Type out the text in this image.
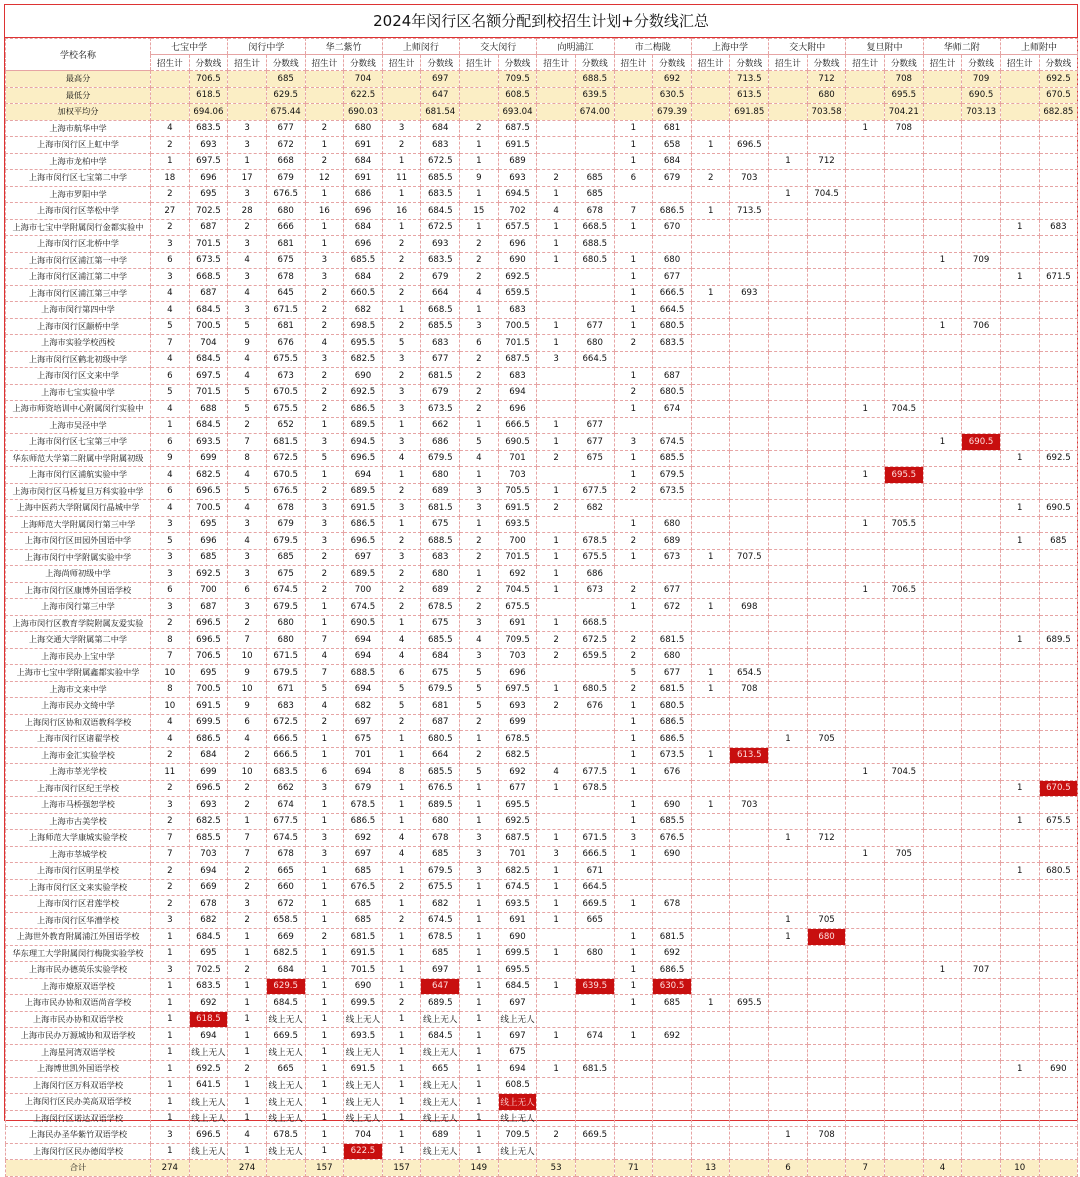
2024年闵行区名额分配到校招生计划+分数线汇总
学校名称	七宝中学		闵行中学		华二紫竹		上师闵行		交大闵行		向明浦江		市二梅陇		上海中学		交大附中		复旦附中		华师二附		上师附中	
	招生计	分数线	招生计	分数线	招生计	分数线	招生计	分数线	招生计	分数线	招生计	分数线	招生计	分数线	招生计	分数线	招生计	分数线	招生计	分数线	招生计	分数线	招生计	分数线
最高分		706.5		685		704		697		709.5		688.5		692		713.5		712		708		709		692.5
最低分		618.5		629.5		622.5		647		608.5		639.5		630.5		613.5		680		695.5		690.5		670.5
加权平均分		694.06		675.44		690.03		681.54		693.04		674.00		679.39		691.85		703.58		704.21		703.13		682.85
上海市航华中学	4	683.5	3	677	2	680	3	684	2	687.5			1	681					1	708				
上海市闵行区上虹中学	2	693	3	672	1	691	2	683	1	691.5			1	658	1	696.5								
上海市龙柏中学	1	697.5	1	668	2	684	1	672.5	1	689			1	684			1	712						
上海市闵行区七宝第二中学	18	696	17	679	12	691	11	685.5	9	693	2	685	6	679	2	703								
上海市罗阳中学	2	695	3	676.5	1	686	1	683.5	1	694.5	1	685					1	704.5						
上海市闵行区莘松中学	27	702.5	28	680	16	696	16	684.5	15	702	4	678	7	686.5	1	713.5								
上海市七宝中学附属闵行金都实验中	2	687	2	666	1	684	1	672.5	1	657.5	1	668.5	1	670									1	683
上海市闵行区北桥中学	3	701.5	3	681	1	696	2	693	2	696	1	688.5												
上海市闵行区浦江第一中学	6	673.5	4	675	3	685.5	2	683.5	2	690	1	680.5	1	680							1	709		
上海市闵行区浦江第二中学	3	668.5	3	678	3	684	2	679	2	692.5			1	677									1	671.5
上海市闵行区浦江第三中学	4	687	4	645	2	660.5	2	664	4	659.5			1	666.5	1	693								
上海市闵行第四中学	4	684.5	3	671.5	2	682	1	668.5	1	683			1	664.5										
上海市闵行区颛桥中学	5	700.5	5	681	2	698.5	2	685.5	3	700.5	1	677	1	680.5							1	706		
上海市实验学校西校	7	704	9	676	4	695.5	5	683	6	701.5	1	680	2	683.5										
上海市闵行区鹤北初级中学	4	684.5	4	675.5	3	682.5	3	677	2	687.5	3	664.5												
上海市闵行区文来中学	6	697.5	4	673	2	690	2	681.5	2	683			1	687										
上海市七宝实验中学	5	701.5	5	670.5	2	692.5	3	679	2	694			2	680.5										
上海市师资培训中心附属闵行实验中	4	688	5	675.5	2	686.5	3	673.5	2	696			1	674					1	704.5				
上海市吴泾中学	1	684.5	2	652	1	689.5	1	662	1	666.5	1	677												
上海市闵行区七宝第三中学	6	693.5	7	681.5	3	694.5	3	686	5	690.5	1	677	3	674.5							1	690.5		
华东师范大学第二附属中学附属初级	9	699	8	672.5	5	696.5	4	679.5	4	701	2	675	1	685.5									1	692.5
上海市闵行区浦航实验中学	4	682.5	4	670.5	1	694	1	680	1	703			1	679.5					1	695.5				
上海市闵行区马桥复旦万科实验中学	6	696.5	5	676.5	2	689.5	2	689	3	705.5	1	677.5	2	673.5										
上海中医药大学附属闵行晶城中学	4	700.5	4	678	3	691.5	3	681.5	3	691.5	2	682											1	690.5
上海师范大学附属闵行第三中学	3	695	3	679	3	686.5	1	675	1	693.5			1	680					1	705.5				
上海市闵行区田园外国语中学	5	696	4	679.5	3	696.5	2	688.5	2	700	1	678.5	2	689									1	685
上海市闵行中学附属实验中学	3	685	3	685	2	697	3	683	2	701.5	1	675.5	1	673	1	707.5								
上海尚师初级中学	3	692.5	3	675	2	689.5	2	680	1	692	1	686												
上海市闵行区康博外国语学校	6	700	6	674.5	2	700	2	689	2	704.5	1	673	2	677					1	706.5				
上海市闵行第三中学	3	687	3	679.5	1	674.5	2	678.5	2	675.5			1	672	1	698								
上海市闵行区教育学院附属友爱实验	2	696.5	2	680	1	690.5	1	675	3	691	1	668.5												
上海交通大学附属第二中学	8	696.5	7	680	7	694	4	685.5	4	709.5	2	672.5	2	681.5									1	689.5
上海市民办上宝中学	7	706.5	10	671.5	4	694	4	684	3	703	2	659.5	2	680										
上海市七宝中学附属鑫都实验中学	10	695	9	679.5	7	688.5	6	675	5	696			5	677	1	654.5								
上海市文来中学	8	700.5	10	671	5	694	5	679.5	5	697.5	1	680.5	2	681.5	1	708								
上海市民办文绮中学	10	691.5	9	683	4	682	5	681	5	693	2	676	1	680.5										
上海闵行区协和双语教科学校	4	699.5	6	672.5	2	697	2	687	2	699			1	686.5										
上海市闵行区诸翟学校	4	686.5	4	666.5	1	675	1	680.5	1	678.5			1	686.5			1	705						
上海市金汇实验学校	2	684	2	666.5	1	701	1	664	2	682.5			1	673.5	1	613.5								
上海市莘光学校	11	699	10	683.5	6	694	8	685.5	5	692	4	677.5	1	676					1	704.5				
上海市闵行区纪王学校	2	696.5	2	662	3	679	1	676.5	1	677	1	678.5											1	670.5
上海市马桥强恕学校	3	693	2	674	1	678.5	1	689.5	1	695.5			1	690	1	703								
上海市古美学校	2	682.5	1	677.5	1	686.5	1	680	1	692.5			1	685.5									1	675.5
上海师范大学康城实验学校	7	685.5	7	674.5	3	692	4	678	3	687.5	1	671.5	3	676.5			1	712						
上海市莘城学校	7	703	7	678	3	697	4	685	3	701	3	666.5	1	690					1	705				
上海市闵行区明星学校	2	694	2	665	1	685	1	679.5	3	682.5	1	671											1	680.5
上海市闵行区文来实验学校	2	669	2	660	1	676.5	2	675.5	1	674.5	1	664.5												
上海市闵行区君莲学校	2	678	3	672	1	685	1	682	1	693.5	1	669.5	1	678										
上海市闵行区华漕学校	3	682	2	658.5	1	685	2	674.5	1	691	1	665					1	705						
上海世外教育附属浦江外国语学校	1	684.5	1	669	2	681.5	1	678.5	1	690			1	681.5			1	680						
华东理工大学附属闵行梅陇实验学校	1	695	1	682.5	1	691.5	1	685	1	699.5	1	680	1	692										
上海市民办德英乐实验学校	3	702.5	2	684	1	701.5	1	697	1	695.5			1	686.5							1	707		
上海市燎原双语学校	1	683.5	1	629.5	1	690	1	647	1	684.5	1	639.5	1	630.5										
上海市民办协和双语尚音学校	1	692	1	684.5	1	699.5	2	689.5	1	697			1	685	1	695.5								
上海市民办协和双语学校	1	618.5	1	线上无人	1	线上无人	1	线上无人	1	线上无人														
上海市民办万源城协和双语学校	1	694	1	669.5	1	693.5	1	684.5	1	697	1	674	1	692										
上海星河湾双语学校	1	线上无人	1	线上无人	1	线上无人	1	线上无人	1	675														
上海博世凯外国语学校	1	692.5	2	665	1	691.5	1	665	1	694	1	681.5											1	690
上海闵行区万科双语学校	1	641.5	1	线上无人	1	线上无人	1	线上无人	1	608.5														
上海闵行区民办美高双语学校	1	线上无人	1	线上无人	1	线上无人	1	线上无人	1	线上无人														
上海闵行区诺达双语学校	1	线上无人	1	线上无人	1	线上无人	1	线上无人	1	线上无人														
上海民办圣华紫竹双语学校	3	696.5	4	678.5	1	704	1	689	1	709.5	2	669.5					1	708						
上海闵行区民办德闳学校	1	线上无人	1	线上无人	1	622.5	1	线上无人	1	线上无人														
合计	274		274		157		157		149		53		71		13		6		7		4		10	
